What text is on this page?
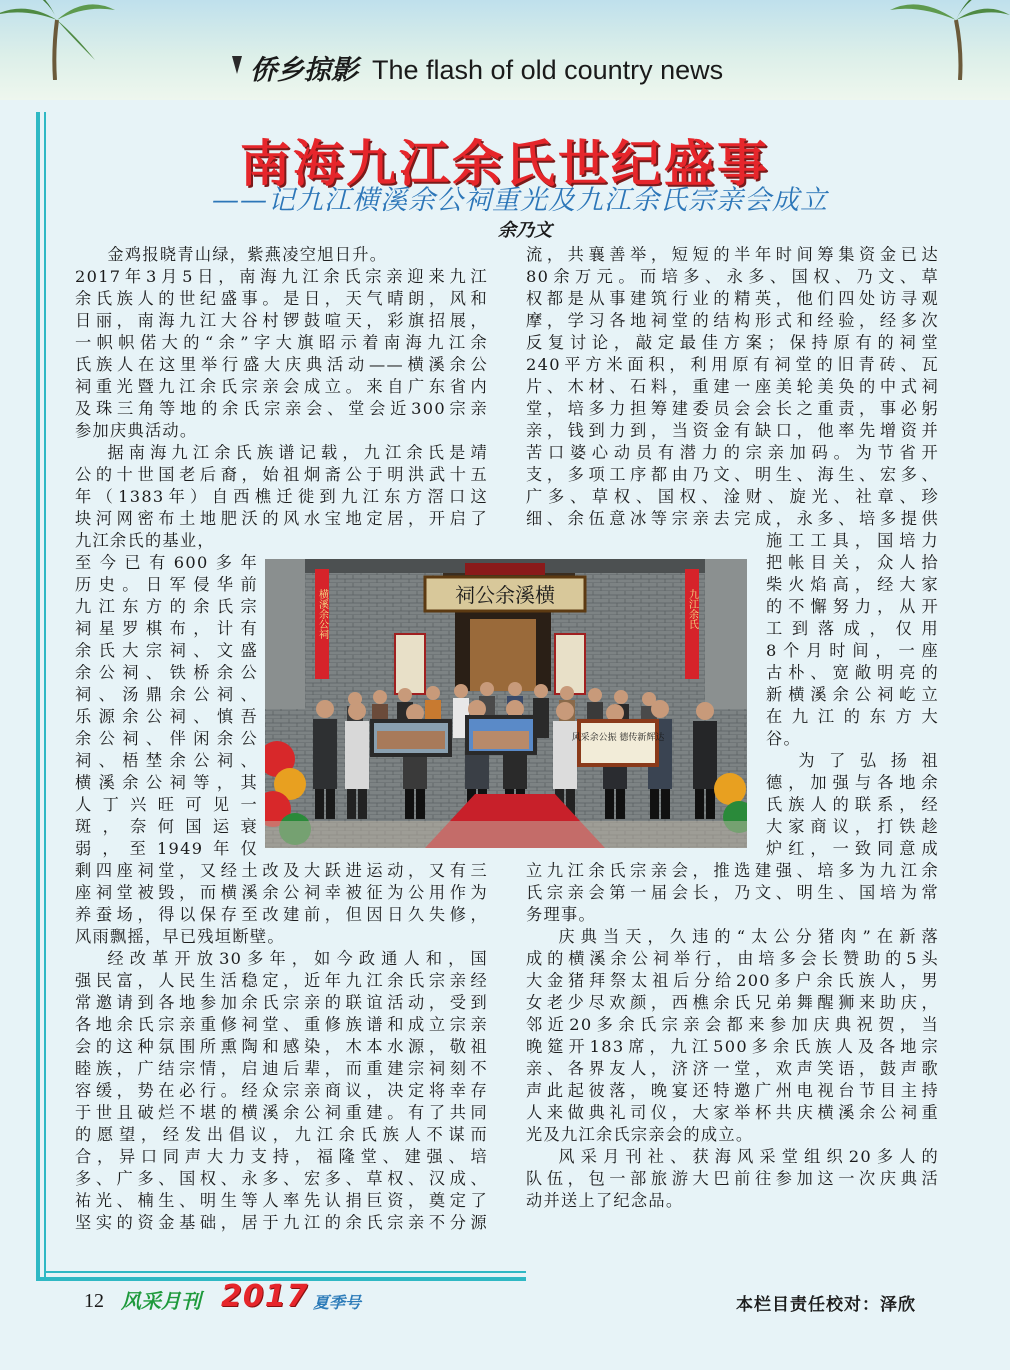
侨乡掠影 The flash of old country news
南海九江余氏世纪盛事
——记九江横溪余公祠重光及九江余氏宗亲会成立
余乃文

金鸡报晓青山绿，紫燕凌空旭日升。

2017年3月5日，南海九江余氏宗亲迎来九江

余氏族人的世纪盛事。是日，天气晴朗，风和

日丽，南海九江大谷村锣鼓喧天，彩旗招展，

一帜帜偌大的“余”字大旗昭示着南海九江余

氏族人在这里举行盛大庆典活动——横溪余公

祠重光暨九江余氏宗亲会成立。来自广东省内

及珠三角等地的余氏宗亲会、堂会近300宗亲

参加庆典活动。

据南海九江余氏族谱记载，九江余氏是靖

公的十世国老后裔，始祖炯斋公于明洪武十五

年（1383年）自西樵迁徙到九江东方滘口这

块河网密布土地肥沃的风水宝地定居，开启了

九江余氏的基业，

至今已有600多年

历史。日军侵华前

九江东方的余氏宗

祠星罗棋布，计有

余氏大宗祠、文盛

余公祠、铁桥余公

祠、汤鼎余公祠、

乐源余公祠、慎吾

余公祠、伴闲余公

祠、梧埜余公祠、

横溪余公祠等，其

人丁兴旺可见一

斑，奈何国运衰

弱，至1949年仅

剩四座祠堂，又经土改及大跃进运动，又有三

座祠堂被毁，而横溪余公祠幸被征为公用作为

养蚕场，得以保存至改建前，但因日久失修，

风雨飘摇，早已残垣断壁。

经改革开放30多年，如今政通人和，国

强民富，人民生活稳定，近年九江余氏宗亲经

常邀请到各地参加余氏宗亲的联谊活动，受到

各地余氏宗亲重修祠堂、重修族谱和成立宗亲

会的这种氛围所熏陶和感染，木本水源，敬祖

睦族，广结宗情，启迪后辈，而重建宗祠刻不

容缓，势在必行。经众宗亲商议，决定将幸存

于世且破烂不堪的横溪余公祠重建。有了共同

的愿望，经发出倡议，九江余氏族人不谋而

合，异口同声大力支持，福隆堂、建强、培

多、广多、国权、永多、宏多、草权、汉成、

祐光、楠生、明生等人率先认捐巨资，奠定了

坚实的资金基础，居于九江的余氏宗亲不分源

流，共襄善举，短短的半年时间筹集资金已达

80余万元。而培多、永多、国权、乃文、草

权都是从事建筑行业的精英，他们四处访寻观

摩，学习各地祠堂的结构形式和经验，经多次

反复讨论，敲定最佳方案；保持原有的祠堂

240平方米面积，利用原有祠堂的旧青砖、瓦

片、木材、石料，重建一座美轮美奂的中式祠

堂，培多力担筹建委员会会长之重责，事必躬

亲，钱到力到，当资金有缺口，他率先增资并

苦口婆心动员有潜力的宗亲加码。为节省开

支，多项工序都由乃文、明生、海生、宏多、

广多、草权、国权、淦财、旋光、社章、珍

细、余伍意冰等宗亲去完成，永多、培多提供

施工工具，国培力

把帐目关，众人拾

柴火焰高，经大家

的不懈努力，从开

工到落成，仅用

8个月时间，一座

古朴、宽敞明亮的

新横溪余公祠屹立

在九江的东方大

谷。

为了弘扬祖

德，加强与各地余

氏族人的联系，经

大家商议，打铁趁

炉红，一致同意成

立九江余氏宗亲会，推选建强、培多为九江余

氏宗亲会第一届会长，乃文、明生、国培为常

务理事。

庆典当天，久违的“太公分猪肉”在新落

成的横溪余公祠举行，由培多会长赞助的5头

大金猪拜祭太祖后分给200多户余氏族人，男

女老少尽欢颜，西樵余氏兄弟舞醒狮来助庆，

邻近20多余氏宗亲会都来参加庆典祝贺，当

晚筵开183席，九江500多余氏族人及各地宗

亲、各界友人，济济一堂，欢声笑语，鼓声歌

声此起彼落，晚宴还特邀广州电视台节目主持

人来做典礼司仪，大家举杯共庆横溪余公祠重

光及九江余氏宗亲会的成立。

风采月刊社、获海风采堂组织20多人的

队伍，包一部旅游大巴前往参加这一次庆典活

动并送上了纪念品。

祠公余溪横
横溪余公祠	九江余氏
风采余公振 德传新辉达
12 风采月刊 2017 夏季号	本栏目责任校对：泽欣
